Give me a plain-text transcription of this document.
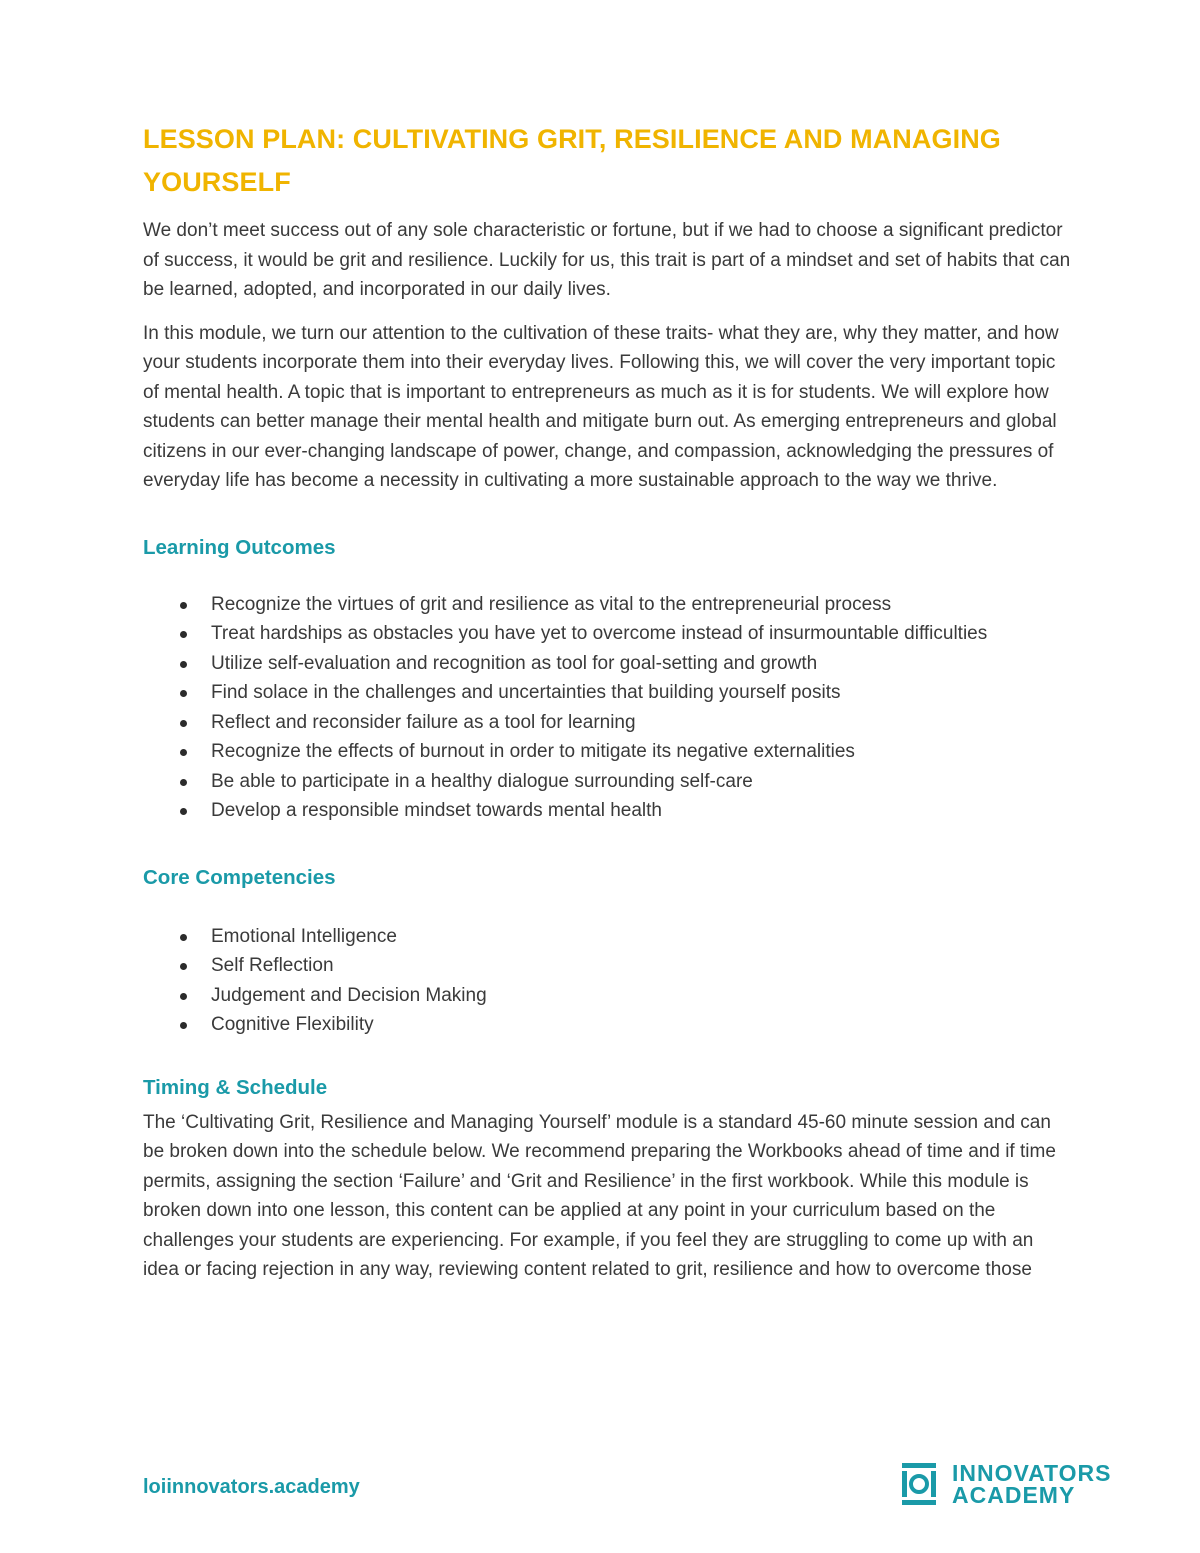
LESSON PLAN: CULTIVATING GRIT, RESILIENCE AND MANAGING YOURSELF

We don’t meet success out of any sole characteristic or fortune, but if we had to choose a significant predictor of success, it would be grit and resilience. Luckily for us, this trait is part of a mindset and set of habits that can be learned, adopted, and incorporated in our daily lives.

In this module, we turn our attention to the cultivation of these traits- what they are, why they matter, and how your students incorporate them into their everyday lives. Following this, we will cover the very important topic of mental health. A topic that is important to entrepreneurs as much as it is for students. We will explore how students can better manage their mental health and mitigate burn out. As emerging entrepreneurs and global citizens in our ever-changing landscape of power, change, and compassion, acknowledging the pressures of everyday life has become a necessity in cultivating a more sustainable approach to the way we thrive.

Learning Outcomes
Recognize the virtues of grit and resilience as vital to the entrepreneurial process
Treat hardships as obstacles you have yet to overcome instead of insurmountable difficulties
Utilize self-evaluation and recognition as tool for goal-setting and growth
Find solace in the challenges and uncertainties that building yourself posits
Reflect and reconsider failure as a tool for learning
Recognize the effects of burnout in order to mitigate its negative externalities
Be able to participate in a healthy dialogue surrounding self-care
Develop a responsible mindset towards mental health
Core Competencies
Emotional Intelligence
Self Reflection
Judgement and Decision Making
Cognitive Flexibility
Timing & Schedule

The ‘Cultivating Grit, Resilience and Managing Yourself’ module is a standard 45-60 minute session and can be broken down into the schedule below. We recommend preparing the Workbooks ahead of time and if time permits, assigning the section ‘Failure’ and ‘Grit and Resilience’ in the first workbook. While this module is broken down into one lesson, this content can be applied at any point in your curriculum based on the challenges your students are experiencing. For example, if you feel they are struggling to come up with an idea or facing rejection in any way, reviewing content related to grit, resilience and how to overcome those

loiinnovators.academy
INNOVATORS
ACADEMY
